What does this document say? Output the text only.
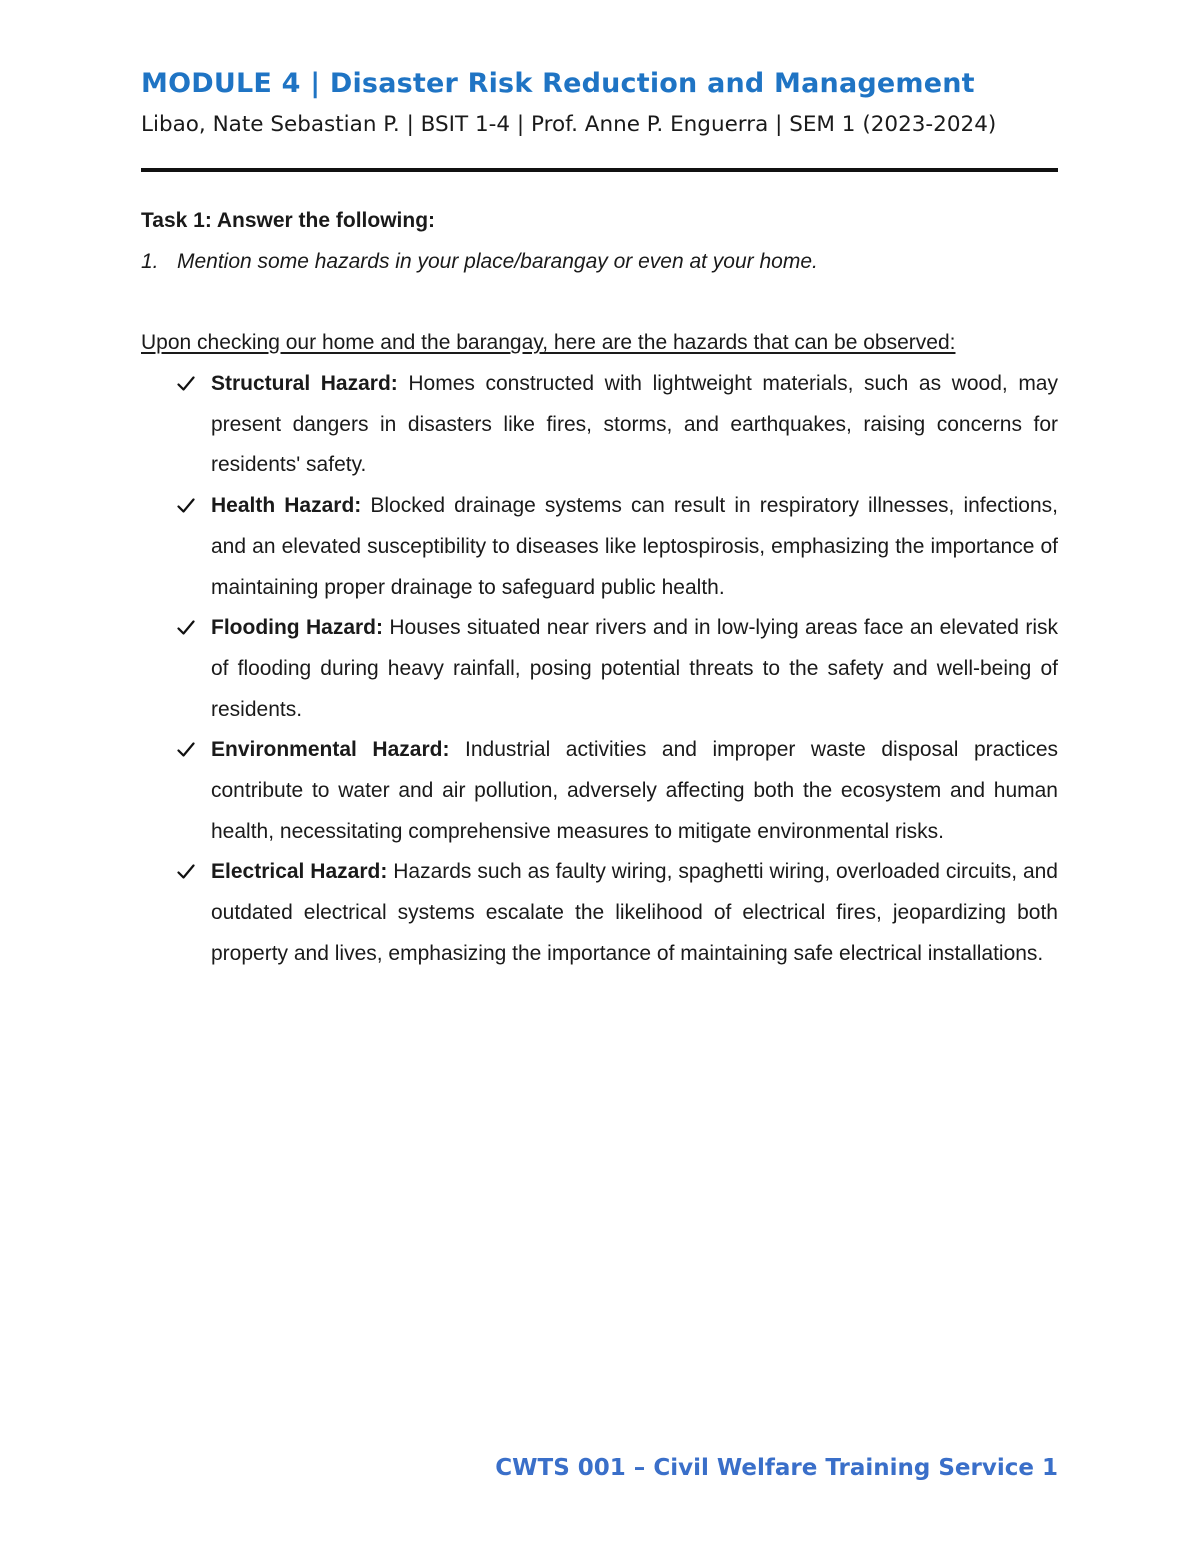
MODULE 4 | Disaster Risk Reduction and Management
Libao, Nate Sebastian P. | BSIT 1-4 | Prof. Anne P. Enguerra | SEM 1 (2023-2024)
Task 1: Answer the following:
1. Mention some hazards in your place/barangay or even at your home.
Upon checking our home and the barangay, here are the hazards that can be observed:
Structural Hazard: Homes constructed with lightweight materials, such as wood, may present dangers in disasters like fires, storms, and earthquakes, raising concerns for residents' safety.
Health Hazard: Blocked drainage systems can result in respiratory illnesses, infections, and an elevated susceptibility to diseases like leptospirosis, emphasizing the importance of maintaining proper drainage to safeguard public health.
Flooding Hazard: Houses situated near rivers and in low-lying areas face an elevated risk of flooding during heavy rainfall, posing potential threats to the safety and well-being of residents.
Environmental Hazard: Industrial activities and improper waste disposal practices contribute to water and air pollution, adversely affecting both the ecosystem and human health, necessitating comprehensive measures to mitigate environmental risks.
Electrical Hazard: Hazards such as faulty wiring, spaghetti wiring, overloaded circuits, and outdated electrical systems escalate the likelihood of electrical fires, jeopardizing both property and lives, emphasizing the importance of maintaining safe electrical installations.
CWTS 001 – Civil Welfare Training Service 1
